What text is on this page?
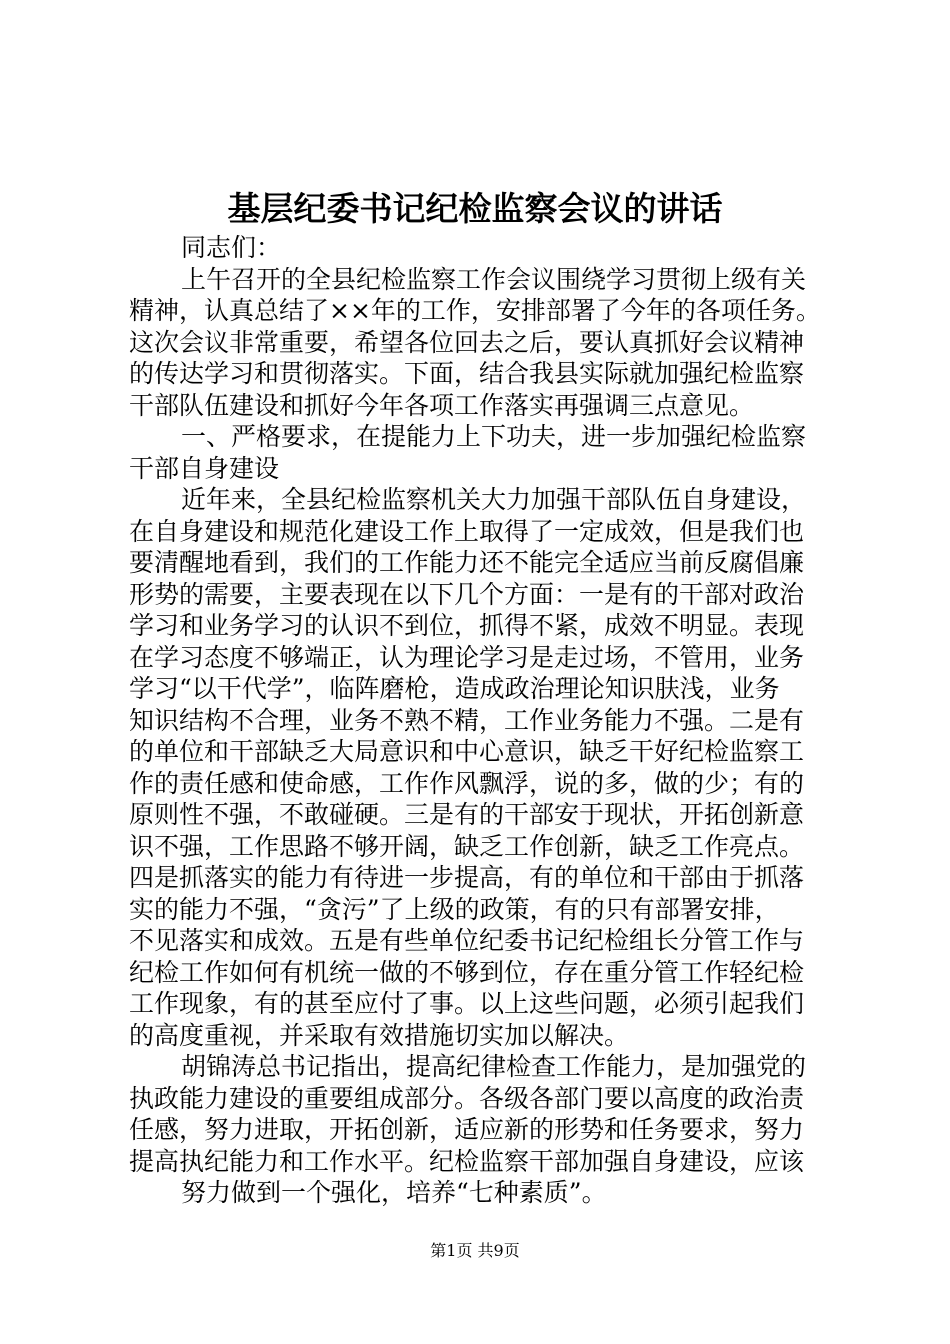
基层纪委书记纪检监察会议的讲话
同志们：
上午召开的全县纪检监察工作会议围绕学习贯彻上级有关
精神，认真总结了××年的工作，安排部署了今年的各项任务。
这次会议非常重要，希望各位回去之后，要认真抓好会议精神
的传达学习和贯彻落实。下面，结合我县实际就加强纪检监察
干部队伍建设和抓好今年各项工作落实再强调三点意见。
一、严格要求，在提能力上下功夫，进一步加强纪检监察
干部自身建设
近年来，全县纪检监察机关大力加强干部队伍自身建设，
在自身建设和规范化建设工作上取得了一定成效，但是我们也
要清醒地看到，我们的工作能力还不能完全适应当前反腐倡廉
形势的需要，主要表现在以下几个方面：一是有的干部对政治
学习和业务学习的认识不到位，抓得不紧，成效不明显。表现
在学习态度不够端正，认为理论学习是走过场，不管用，业务
学习“以干代学”，临阵磨枪，造成政治理论知识肤浅，业务
知识结构不合理，业务不熟不精，工作业务能力不强。二是有
的单位和干部缺乏大局意识和中心意识，缺乏干好纪检监察工
作的责任感和使命感，工作作风飘浮，说的多，做的少；有的
原则性不强，不敢碰硬。三是有的干部安于现状，开拓创新意
识不强，工作思路不够开阔，缺乏工作创新，缺乏工作亮点。
四是抓落实的能力有待进一步提高，有的单位和干部由于抓落
实的能力不强，“贪污”了上级的政策，有的只有部署安排，
不见落实和成效。五是有些单位纪委书记纪检组长分管工作与
纪检工作如何有机统一做的不够到位，存在重分管工作轻纪检
工作现象，有的甚至应付了事。以上这些问题，必须引起我们
的高度重视，并采取有效措施切实加以解决。
胡锦涛总书记指出，提高纪律检查工作能力，是加强党的
执政能力建设的重要组成部分。各级各部门要以高度的政治责
任感，努力进取，开拓创新，适应新的形势和任务要求，努力
提高执纪能力和工作水平。纪检监察干部加强自身建设，应该
努力做到一个强化，培养“七种素质”。
第1页 共9页
